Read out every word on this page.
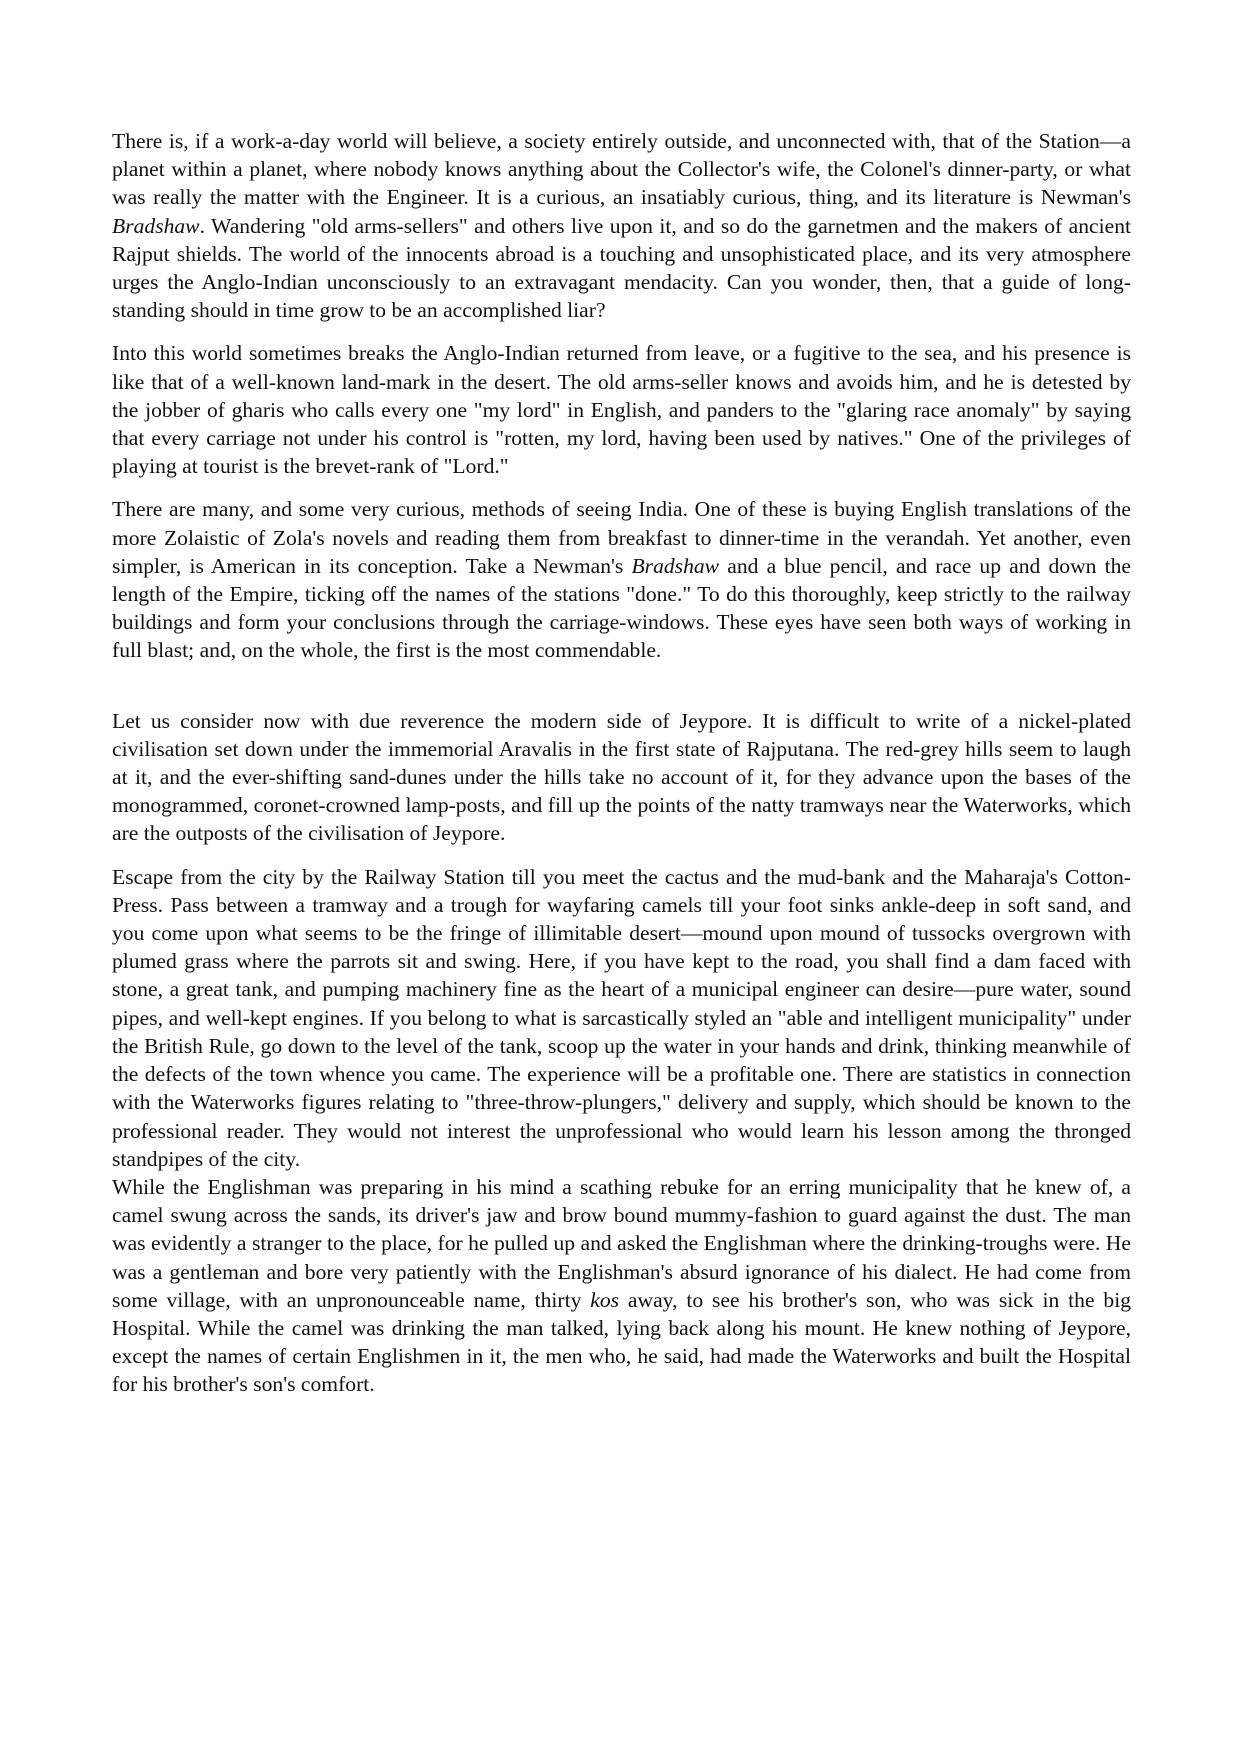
There is, if a work-a-day world will believe, a society entirely outside, and unconnected with, that of the Station—a planet within a planet, where nobody knows anything about the Collector's wife, the Colonel's dinner-party, or what was really the matter with the Engineer. It is a curious, an insatiably curious, thing, and its literature is Newman's Bradshaw. Wandering "old arms-sellers" and others live upon it, and so do the garnetmen and the makers of ancient Rajput shields. The world of the innocents abroad is a touching and unsophisticated place, and its very atmosphere urges the Anglo-Indian unconsciously to an extravagant mendacity. Can you wonder, then, that a guide of long-standing should in time grow to be an accomplished liar?

Into this world sometimes breaks the Anglo-Indian returned from leave, or a fugitive to the sea, and his presence is like that of a well-known land-mark in the desert. The old arms-seller knows and avoids him, and he is detested by the jobber of gharis who calls every one "my lord" in English, and panders to the "glaring race anomaly" by saying that every carriage not under his control is "rotten, my lord, having been used by natives." One of the privileges of playing at tourist is the brevet-rank of "Lord."

There are many, and some very curious, methods of seeing India. One of these is buying English translations of the more Zolaistic of Zola's novels and reading them from breakfast to dinner-time in the verandah. Yet another, even simpler, is American in its conception. Take a Newman's Bradshaw and a blue pencil, and race up and down the length of the Empire, ticking off the names of the stations "done." To do this thoroughly, keep strictly to the railway buildings and form your conclusions through the carriage-windows. These eyes have seen both ways of working in full blast; and, on the whole, the first is the most commendable.

Let us consider now with due reverence the modern side of Jeypore. It is difficult to write of a nickel-plated civilisation set down under the immemorial Aravalis in the first state of Rajputana. The red-grey hills seem to laugh at it, and the ever-shifting sand-dunes under the hills take no account of it, for they advance upon the bases of the monogrammed, coronet-crowned lamp-posts, and fill up the points of the natty tramways near the Waterworks, which are the outposts of the civilisation of Jeypore.

Escape from the city by the Railway Station till you meet the cactus and the mud-bank and the Maharaja's Cotton-Press. Pass between a tramway and a trough for wayfaring camels till your foot sinks ankle-deep in soft sand, and you come upon what seems to be the fringe of illimitable desert—mound upon mound of tussocks overgrown with plumed grass where the parrots sit and swing. Here, if you have kept to the road, you shall find a dam faced with stone, a great tank, and pumping machinery fine as the heart of a municipal engineer can desire—pure water, sound pipes, and well-kept engines. If you belong to what is sarcastically styled an "able and intelligent municipality" under the British Rule, go down to the level of the tank, scoop up the water in your hands and drink, thinking meanwhile of the defects of the town whence you came. The experience will be a profitable one. There are statistics in connection with the Waterworks figures relating to "three-throw-plungers," delivery and supply, which should be known to the professional reader. They would not interest the unprofessional who would learn his lesson among the thronged standpipes of the city.

While the Englishman was preparing in his mind a scathing rebuke for an erring municipality that he knew of, a camel swung across the sands, its driver's jaw and brow bound mummy-fashion to guard against the dust. The man was evidently a stranger to the place, for he pulled up and asked the Englishman where the drinking-troughs were. He was a gentleman and bore very patiently with the Englishman's absurd ignorance of his dialect. He had come from some village, with an unpronounceable name, thirty kos away, to see his brother's son, who was sick in the big Hospital. While the camel was drinking the man talked, lying back along his mount. He knew nothing of Jeypore, except the names of certain Englishmen in it, the men who, he said, had made the Waterworks and built the Hospital for his brother's son's comfort.
